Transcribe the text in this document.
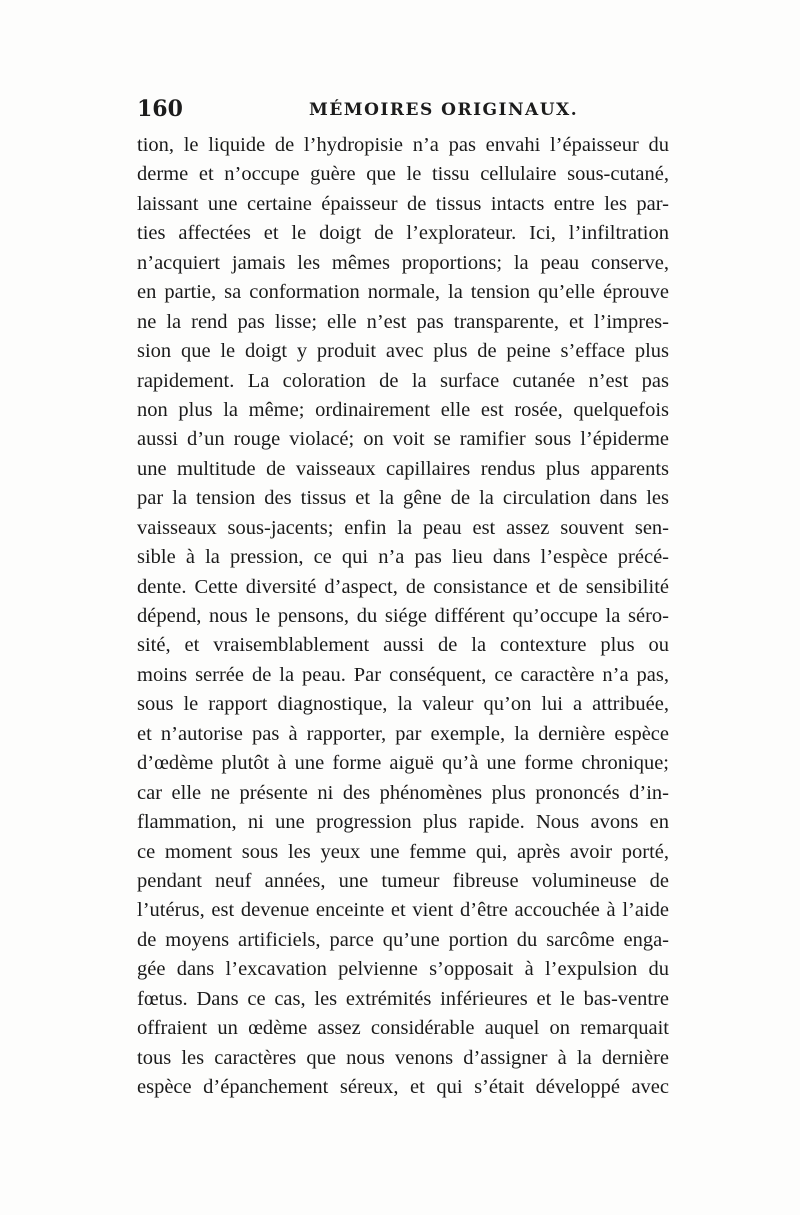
160	MÉMOIRES ORIGINAUX.
tion, le liquide de l’hydropisie n’a pas envahi l’épaisseur du
derme et n’occupe guère que le tissu cellulaire sous-cutané,
laissant une certaine épaisseur de tissus intacts entre les par-
ties affectées et le doigt de l’explorateur. Ici, l’infiltration
n’acquiert jamais les mêmes proportions; la peau conserve,
en partie, sa conformation normale, la tension qu’elle éprouve
ne la rend pas lisse; elle n’est pas transparente, et l’impres-
sion que le doigt y produit avec plus de peine s’efface plus
rapidement. La coloration de la surface cutanée n’est pas
non plus la même; ordinairement elle est rosée, quelquefois
aussi d’un rouge violacé; on voit se ramifier sous l’épiderme
une multitude de vaisseaux capillaires rendus plus apparents
par la tension des tissus et la gêne de la circulation dans les
vaisseaux sous-jacents; enfin la peau est assez souvent sen-
sible à la pression, ce qui n’a pas lieu dans l’espèce précé-
dente. Cette diversité d’aspect, de consistance et de sensibilité
dépend, nous le pensons, du siége différent qu’occupe la séro-
sité, et vraisemblablement aussi de la contexture plus ou
moins serrée de la peau. Par conséquent, ce caractère n’a pas,
sous le rapport diagnostique, la valeur qu’on lui a attribuée,
et n’autorise pas à rapporter, par exemple, la dernière espèce
d’œdème plutôt à une forme aiguë qu’à une forme chronique;
car elle ne présente ni des phénomènes plus prononcés d’in-
flammation, ni une progression plus rapide. Nous avons en
ce moment sous les yeux une femme qui, après avoir porté,
pendant neuf années, une tumeur fibreuse volumineuse de
l’utérus, est devenue enceinte et vient d’être accouchée à l’aide
de moyens artificiels, parce qu’une portion du sarcôme enga-
gée dans l’excavation pelvienne s’opposait à l’expulsion du
fœtus. Dans ce cas, les extrémités inférieures et le bas-ventre
offraient un œdème assez considérable auquel on remarquait
tous les caractères que nous venons d’assigner à la dernière
espèce d’épanchement séreux, et qui s’était développé avec
